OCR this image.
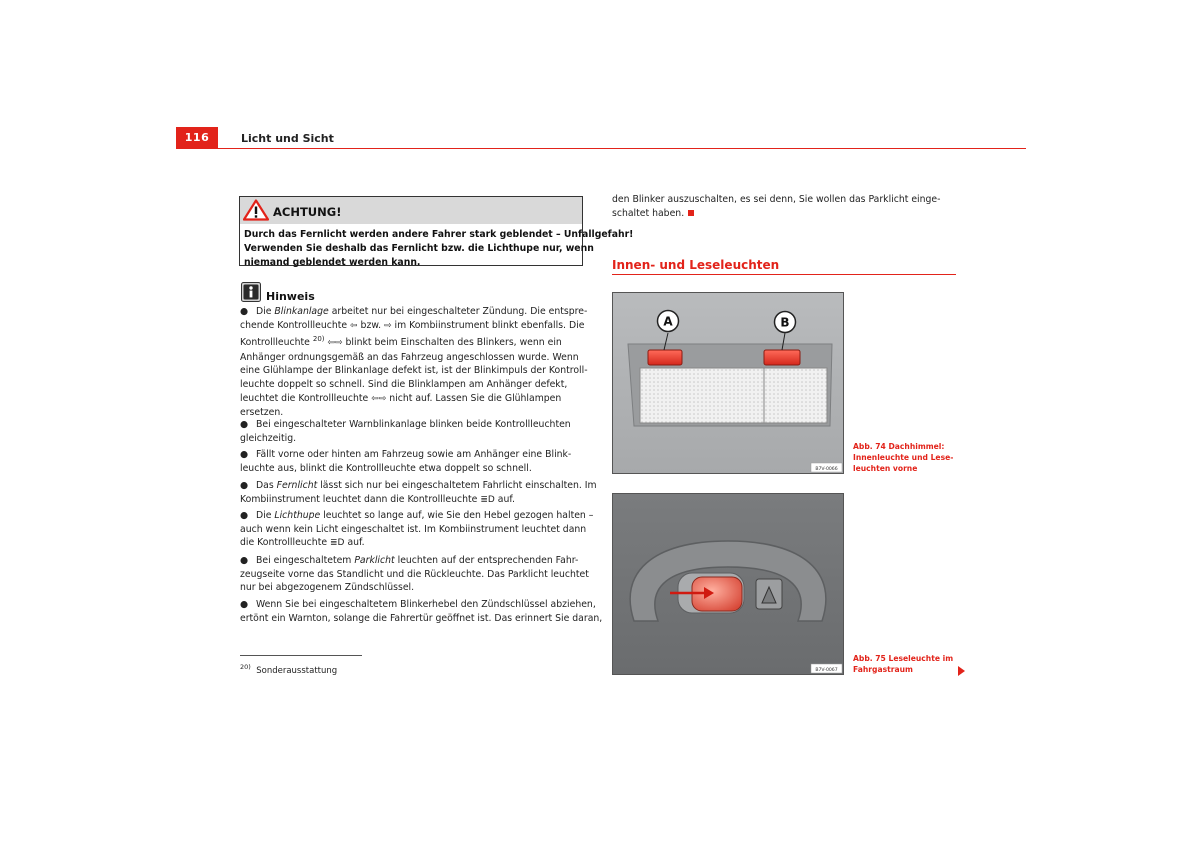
116	Licht und Sicht
ACHTUNG!
Durch das Fernlicht werden andere Fahrer stark geblendet – Unfallgefahr!
Verwenden Sie deshalb das Fernlicht bzw. die Lichthupe nur, wenn
niemand geblendet werden kann.
Hinweis
● Die Blinkanlage arbeitet nur bei eingeschalteter Zündung. Die entspre-
chende Kontrollleuchte ⇦ bzw. ⇨ im Kombiinstrument blinkt ebenfalls. Die
Kontrollleuchte $^{20)}$ ⇦⇨ blinkt beim Einschalten des Blinkers, wenn ein
Anhänger ordnungsgemäß an das Fahrzeug angeschlossen wurde. Wenn
eine Glühlampe der Blinkanlage defekt ist, ist der Blinkimpuls der Kontroll-
leuchte doppelt so schnell. Sind die Blinklampen am Anhänger defekt,
leuchtet die Kontrollleuchte ⇦⇨ nicht auf. Lassen Sie die Glühlampen
ersetzen.
● Bei eingeschalteter Warnblinkanlage blinken beide Kontrollleuchten
gleichzeitig.
● Fällt vorne oder hinten am Fahrzeug sowie am Anhänger eine Blink-
leuchte aus, blinkt die Kontrollleuchte etwa doppelt so schnell.
● Das Fernlicht lässt sich nur bei eingeschaltetem Fahrlicht einschalten. Im
Kombiinstrument leuchtet dann die Kontrollleuchte ≣D auf.
● Die Lichthupe leuchtet so lange auf, wie Sie den Hebel gezogen halten –
auch wenn kein Licht eingeschaltet ist. Im Kombiinstrument leuchtet dann
die Kontrollleuchte ≣D auf.
● Bei eingeschaltetem Parklicht leuchten auf der entsprechenden Fahr-
zeugseite vorne das Standlicht und die Rückleuchte. Das Parklicht leuchtet
nur bei abgezogenem Zündschlüssel.
● Wenn Sie bei eingeschaltetem Blinkerhebel den Zündschlüssel abziehen,
ertönt ein Warnton, solange die Fahrertür geöffnet ist. Das erinnert Sie daran,
$^{20)}$ Sonderausstattung
den Blinker auszuschalten, es sei denn, Sie wollen das Parklicht einge-
schaltet haben.
Innen- und Leseleuchten
A	B
B7V-0066
Abb. 74 Dachhimmel:
Innenleuchte und Lese-
leuchten vorne
B7V-0067
Abb. 75 Leseleuchte im
Fahrgastraum
